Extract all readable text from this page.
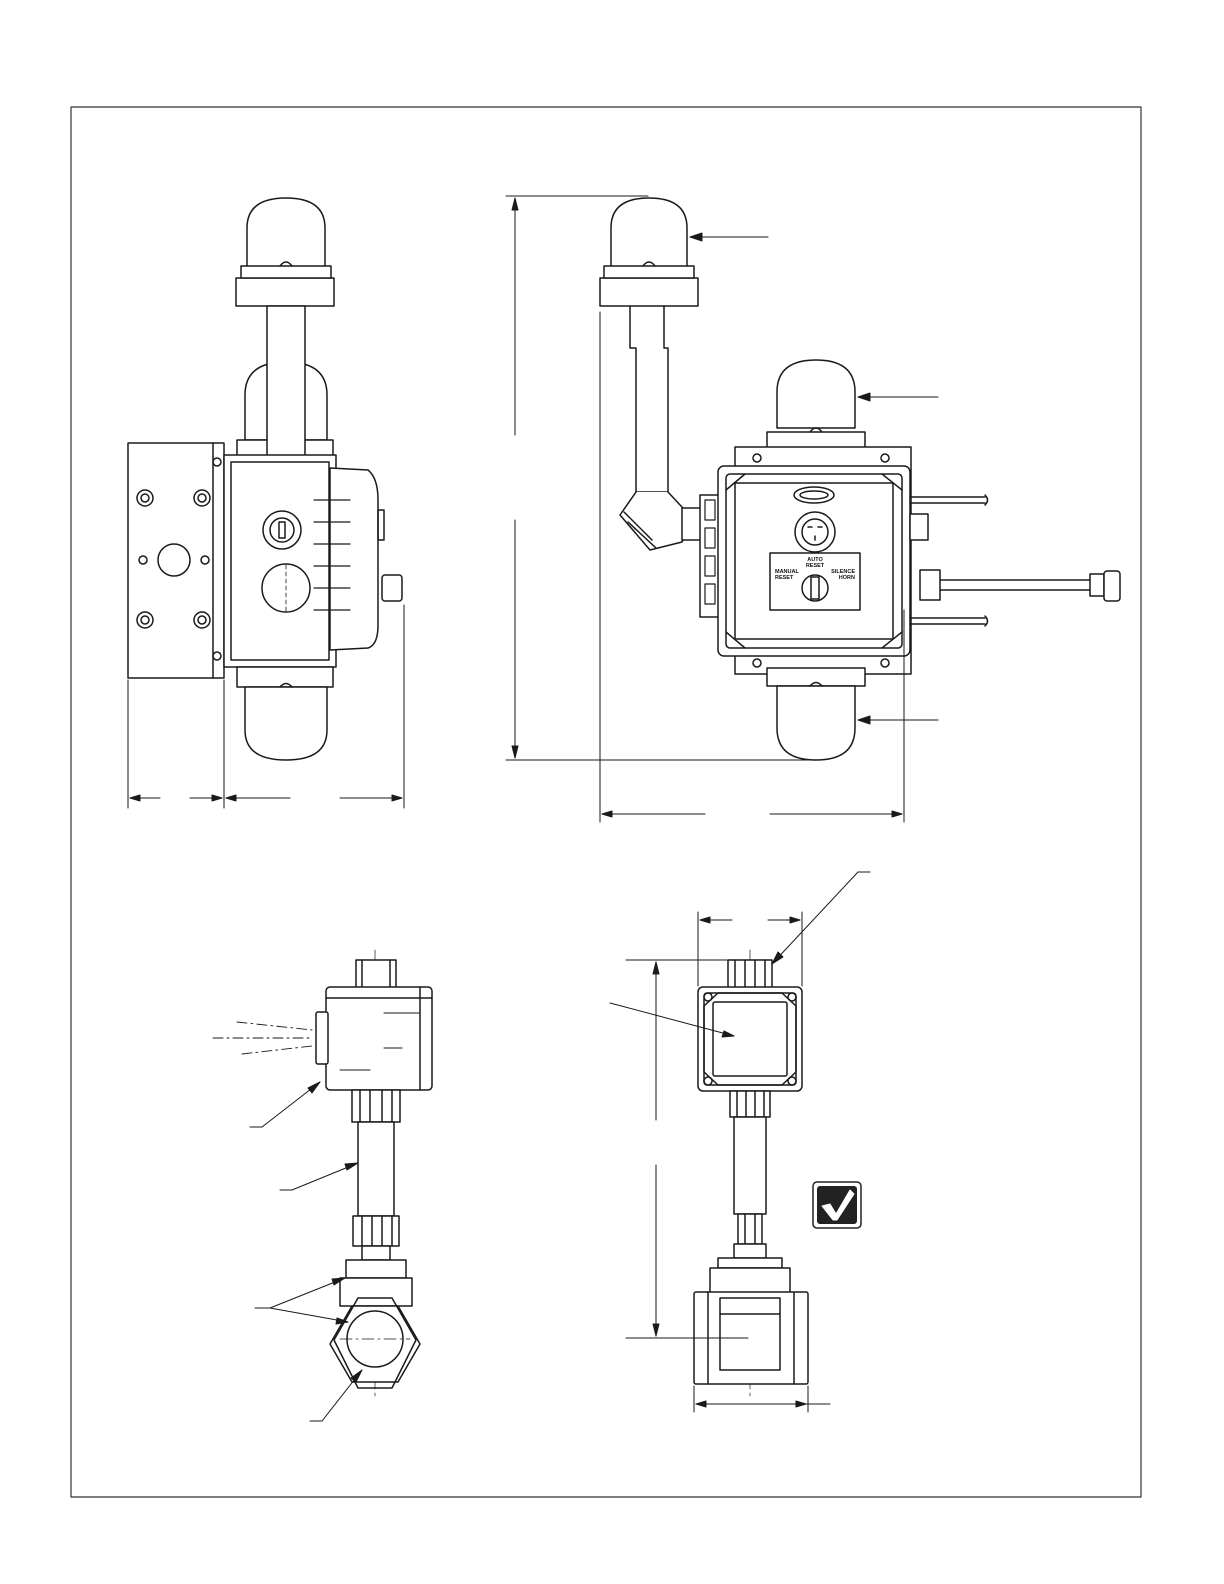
AUTO
RESET
MANUAL
RESET
SILENCE
HORN
